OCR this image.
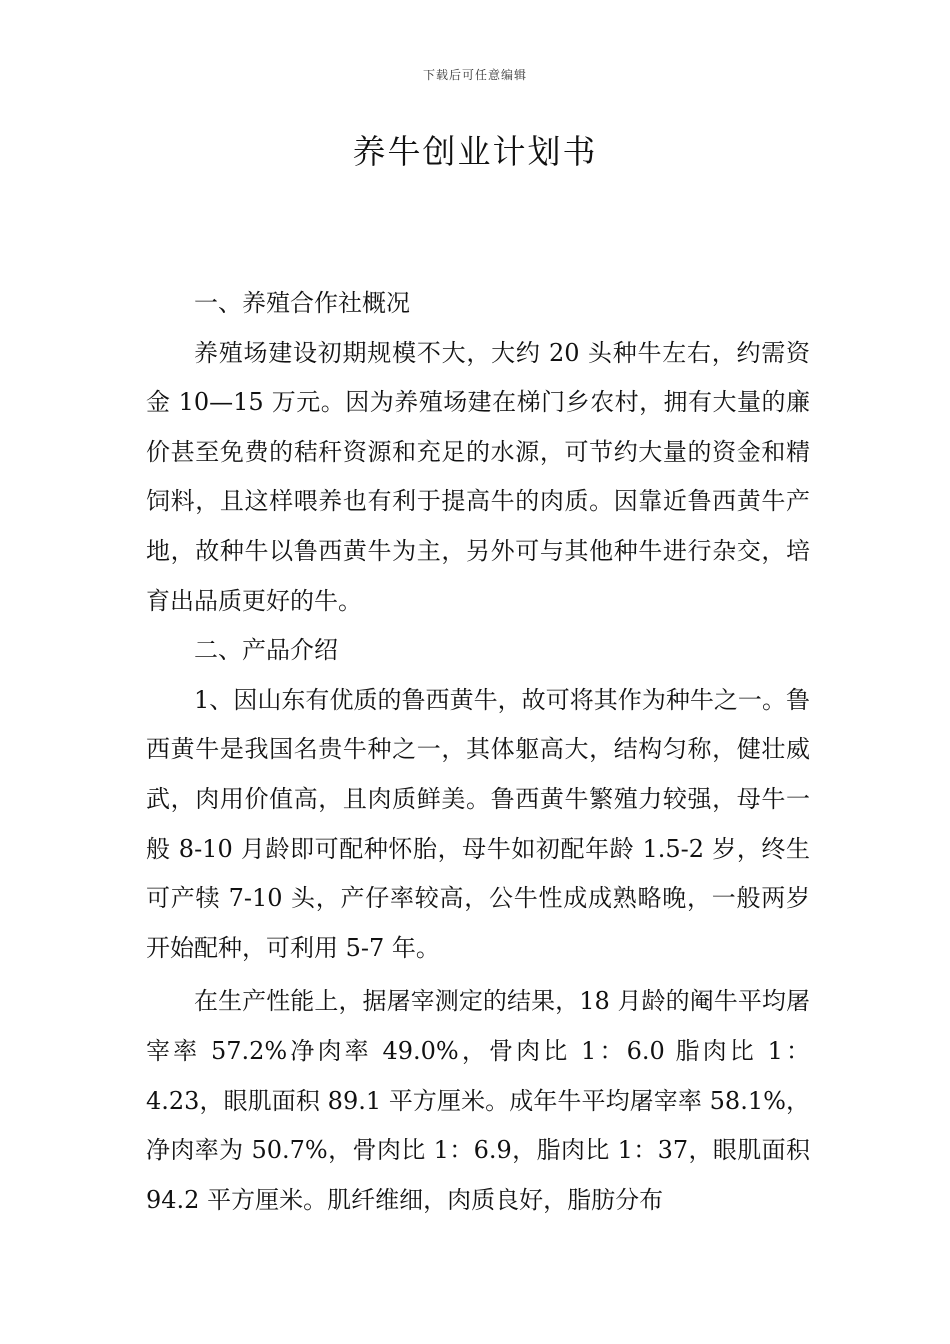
下载后可任意编辑
养牛创业计划书

一、养殖合作社概况

养殖场建设初期规模不大，大约 20 头种牛左右，约需资金 10—15 万元。因为养殖场建在梯门乡农村，拥有大量的廉价甚至免费的秸秆资源和充足的水源，可节约大量的资金和精饲料，且这样喂养也有利于提高牛的肉质。因靠近鲁西黄牛产地，故种牛以鲁西黄牛为主，另外可与其他种牛进行杂交，培育出品质更好的牛。

二、产品介绍

1、因山东有优质的鲁西黄牛，故可将其作为种牛之一。鲁西黄牛是我国名贵牛种之一，其体躯高大，结构匀称，健壮威武，肉用价值高，且肉质鲜美。鲁西黄牛繁殖力较强，母牛一般 8-10 月龄即可配种怀胎，母牛如初配年龄 1.5-2 岁，终生可产犊 7-10 头，产仔率较高，公牛性成成熟略晚，一般两岁开始配种，可利用 5-7 年。

在生产性能上，据屠宰测定的结果，18 月龄的阉牛平均屠宰率 57.2%净肉率 49.0%，骨肉比 1：6.0 脂肉比 1：4.23，眼肌面积 89.1 平方厘米。成年牛平均屠宰率 58.1%，净肉率为 50.7%，骨肉比 1：6.9，脂肉比 1：37，眼肌面积 94.2 平方厘米。肌纤维细，肉质良好，脂肪分布
